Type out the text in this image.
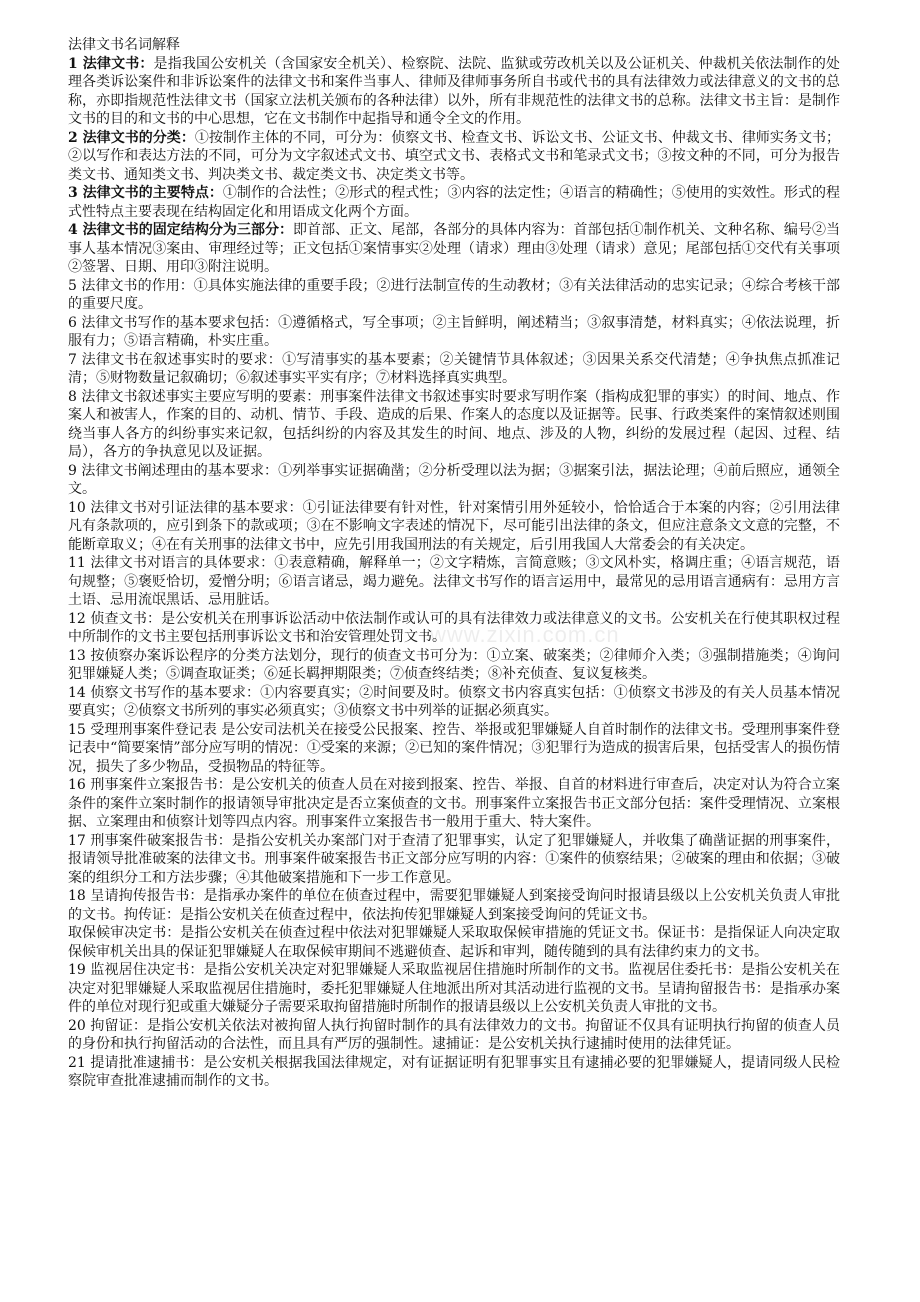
法律文书名词解释

1 法律文书：是指我国公安机关（含国家安全机关）、检察院、法院、监狱或劳改机关以及公证机关、仲裁机关依法制作的处理各类诉讼案件和非诉讼案件的法律文书和案件当事人、律师及律师事务所自书或代书的具有法律效力或法律意义的文书的总称，亦即指规范性法律文书（国家立法机关颁布的各种法律）以外，所有非规范性的法律文书的总称。法律文书主旨：是制作文书的目的和文书的中心思想，它在文书制作中起指导和通令全文的作用。

2 法律文书的分类：①按制作主体的不同，可分为：侦察文书、检查文书、诉讼文书、公证文书、仲裁文书、律师实务文书；②以写作和表达方法的不同，可分为文字叙述式文书、填空式文书、表格式文书和笔录式文书；③按文种的不同，可分为报告类文书、通知类文书、判决类文书、裁定类文书、决定类文书等。

3 法律文书的主要特点：①制作的合法性；②形式的程式性；③内容的法定性；④语言的精确性；⑤使用的实效性。形式的程式性特点主要表现在结构固定化和用语成文化两个方面。

4 法律文书的固定结构分为三部分：即首部、正文、尾部，各部分的具体内容为：首部包括①制作机关、文种名称、编号②当事人基本情况③案由、审理经过等；正文包括①案情事实②处理（请求）理由③处理（请求）意见；尾部包括①交代有关事项②签署、日期、用印③附注说明。

5 法律文书的作用：①具体实施法律的重要手段；②进行法制宣传的生动教材；③有关法律活动的忠实记录；④综合考核干部的重要尺度。

6 法律文书写作的基本要求包括：①遵循格式，写全事项；②主旨鲜明，阐述精当；③叙事清楚，材料真实；④依法说理，折服有力；⑤语言精确，朴实庄重。

7 法律文书在叙述事实时的要求：①写清事实的基本要素；②关键情节具体叙述；③因果关系交代清楚；④争执焦点抓准记清；⑤财物数量记叙确切；⑥叙述事实平实有序；⑦材料选择真实典型。

8 法律文书叙述事实主要应写明的要素：刑事案件法律文书叙述事实时要求写明作案（指构成犯罪的事实）的时间、地点、作案人和被害人，作案的目的、动机、情节、手段、造成的后果、作案人的态度以及证据等。民事、行政类案件的案情叙述则围绕当事人各方的纠纷事实来记叙，包括纠纷的内容及其发生的时间、地点、涉及的人物，纠纷的发展过程（起因、过程、结局），各方的争执意见以及证据。

9 法律文书阐述理由的基本要求：①列举事实证据确凿；②分析受理以法为据；③据案引法，据法论理；④前后照应，通领全文。

10 法律文书对引证法律的基本要求：①引证法律要有针对性，针对案情引用外延较小，恰恰适合于本案的内容；②引用法律凡有条款项的，应引到条下的款或项；③在不影响文字表述的情况下，尽可能引出法律的条文，但应注意条文文意的完整，不能断章取义；④在有关刑事的法律文书中，应先引用我国刑法的有关规定，后引用我国人大常委会的有关决定。

11 法律文书对语言的具体要求：①表意精确，解释单一；②文字精炼，言简意赅；③文风朴实，格调庄重；④语言规范，语句规整；⑤褒贬恰切，爱憎分明；⑥语言诸忌，竭力避免。法律文书写作的语言运用中，最常见的忌用语言通病有：忌用方言土语、忌用流氓黑话、忌用脏话。

12 侦查文书：是公安机关在刑事诉讼活动中依法制作或认可的具有法律效力或法律意义的文书。公安机关在行使其职权过程中所制作的文书主要包括刑事诉讼文书和治安管理处罚文书。

13 按侦察办案诉讼程序的分类方法划分，现行的侦查文书可分为：①立案、破案类；②律师介入类；③强制措施类；④询问犯罪嫌疑人类；⑤调查取证类；⑥延长羁押期限类；⑦侦查终结类；⑧补充侦查、复议复核类。

14 侦察文书写作的基本要求：①内容要真实；②时间要及时。侦察文书内容真实包括：①侦察文书涉及的有关人员基本情况要真实；②侦察文书所列的事实必须真实；③侦察文书中列举的证据必须真实。

15 受理刑事案件登记表 是公安司法机关在接受公民报案、控告、举报或犯罪嫌疑人自首时制作的法律文书。受理刑事案件登记表中“简要案情”部分应写明的情况：①受案的来源；②已知的案件情况；③犯罪行为造成的损害后果，包括受害人的损伤情况，损失了多少物品，受损物品的特征等。

16 刑事案件立案报告书：是公安机关的侦查人员在对接到报案、控告、举报、自首的材料进行审查后，决定对认为符合立案条件的案件立案时制作的报请领导审批决定是否立案侦查的文书。刑事案件立案报告书正文部分包括：案件受理情况、立案根据、立案理由和侦察计划等四点内容。刑事案件立案报告书一般用于重大、特大案件。

17 刑事案件破案报告书：是指公安机关办案部门对于查清了犯罪事实，认定了犯罪嫌疑人，并收集了确凿证据的刑事案件，报请领导批准破案的法律文书。刑事案件破案报告书正文部分应写明的内容：①案件的侦察结果；②破案的理由和依据；③破案的组织分工和方法步骤；④其他破案措施和下一步工作意见。

18 呈请拘传报告书：是指承办案件的单位在侦查过程中，需要犯罪嫌疑人到案接受询问时报请县级以上公安机关负责人审批的文书。拘传证：是指公安机关在侦查过程中，依法拘传犯罪嫌疑人到案接受询问的凭证文书。

取保候审决定书：是指公安机关在侦查过程中依法对犯罪嫌疑人采取取保候审措施的凭证文书。保证书：是指保证人向决定取保候审机关出具的保证犯罪嫌疑人在取保候审期间不逃避侦查、起诉和审判，随传随到的具有法律约束力的文书。

19 监视居住决定书：是指公安机关决定对犯罪嫌疑人采取监视居住措施时所制作的文书。监视居住委托书：是指公安机关在决定对犯罪嫌疑人采取监视居住措施时，委托犯罪嫌疑人住地派出所对其活动进行监视的文书。呈请拘留报告书：是指承办案件的单位对现行犯或重大嫌疑分子需要采取拘留措施时所制作的报请县级以上公安机关负责人审批的文书。

20 拘留证：是指公安机关依法对被拘留人执行拘留时制作的具有法律效力的文书。拘留证不仅具有证明执行拘留的侦查人员的身份和执行拘留活动的合法性，而且具有严厉的强制性。逮捕证：是公安机关执行逮捕时使用的法律凭证。

21 提请批准逮捕书：是公安机关根据我国法律规定，对有证据证明有犯罪事实且有逮捕必要的犯罪嫌疑人，提请同级人民检察院审查批准逮捕而制作的文书。

www.zixin.com.cn
